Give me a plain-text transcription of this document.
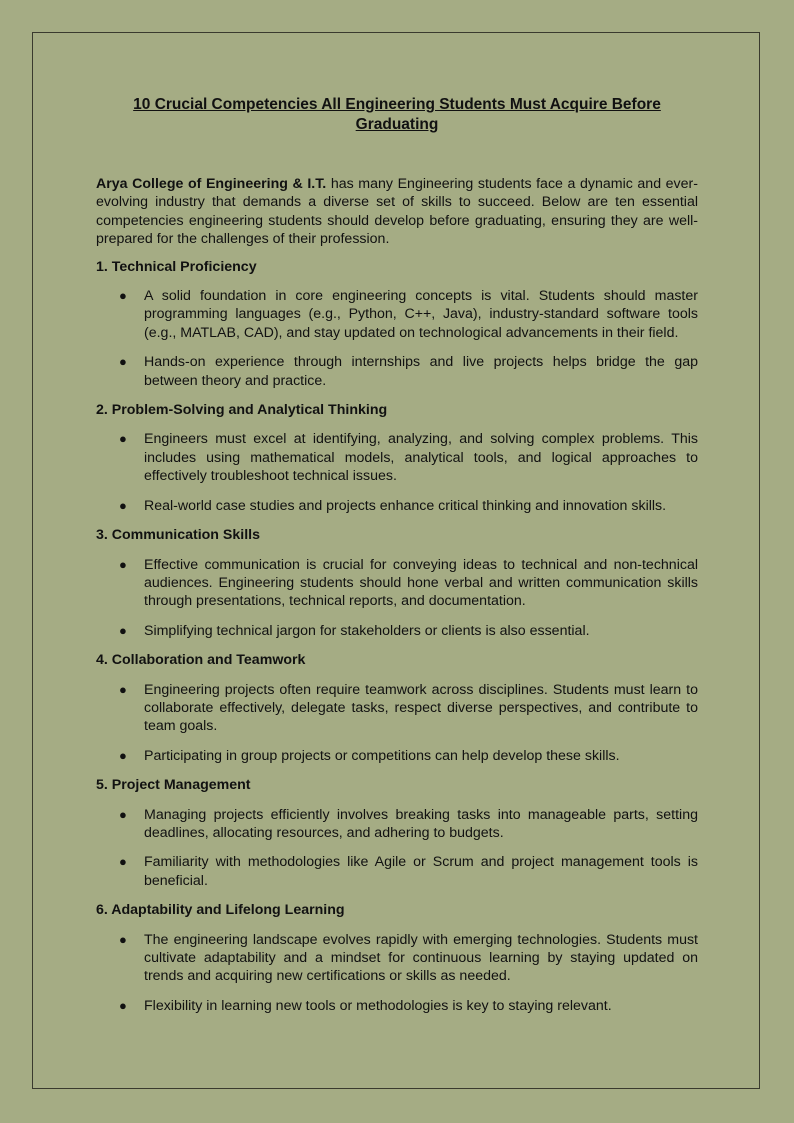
10 Crucial Competencies All Engineering Students Must Acquire Before Graduating

Arya College of Engineering & I.T. has many Engineering students face a dynamic and ever-evolving industry that demands a diverse set of skills to succeed. Below are ten essential competencies engineering students should develop before graduating, ensuring they are well-prepared for the challenges of their profession.

1. Technical Proficiency
● A solid foundation in core engineering concepts is vital. Students should master programming languages (e.g., Python, C++, Java), industry-standard software tools (e.g., MATLAB, CAD), and stay updated on technological advancements in their field.
● Hands-on experience through internships and live projects helps bridge the gap between theory and practice.
2. Problem-Solving and Analytical Thinking
● Engineers must excel at identifying, analyzing, and solving complex problems. This includes using mathematical models, analytical tools, and logical approaches to effectively troubleshoot technical issues.
● Real-world case studies and projects enhance critical thinking and innovation skills.
3. Communication Skills
● Effective communication is crucial for conveying ideas to technical and non-technical audiences. Engineering students should hone verbal and written communication skills through presentations, technical reports, and documentation.
● Simplifying technical jargon for stakeholders or clients is also essential.
4. Collaboration and Teamwork
● Engineering projects often require teamwork across disciplines. Students must learn to collaborate effectively, delegate tasks, respect diverse perspectives, and contribute to team goals.
● Participating in group projects or competitions can help develop these skills.
5. Project Management
● Managing projects efficiently involves breaking tasks into manageable parts, setting deadlines, allocating resources, and adhering to budgets.
● Familiarity with methodologies like Agile or Scrum and project management tools is beneficial.
6. Adaptability and Lifelong Learning
● The engineering landscape evolves rapidly with emerging technologies. Students must cultivate adaptability and a mindset for continuous learning by staying updated on trends and acquiring new certifications or skills as needed.
● Flexibility in learning new tools or methodologies is key to staying relevant.
